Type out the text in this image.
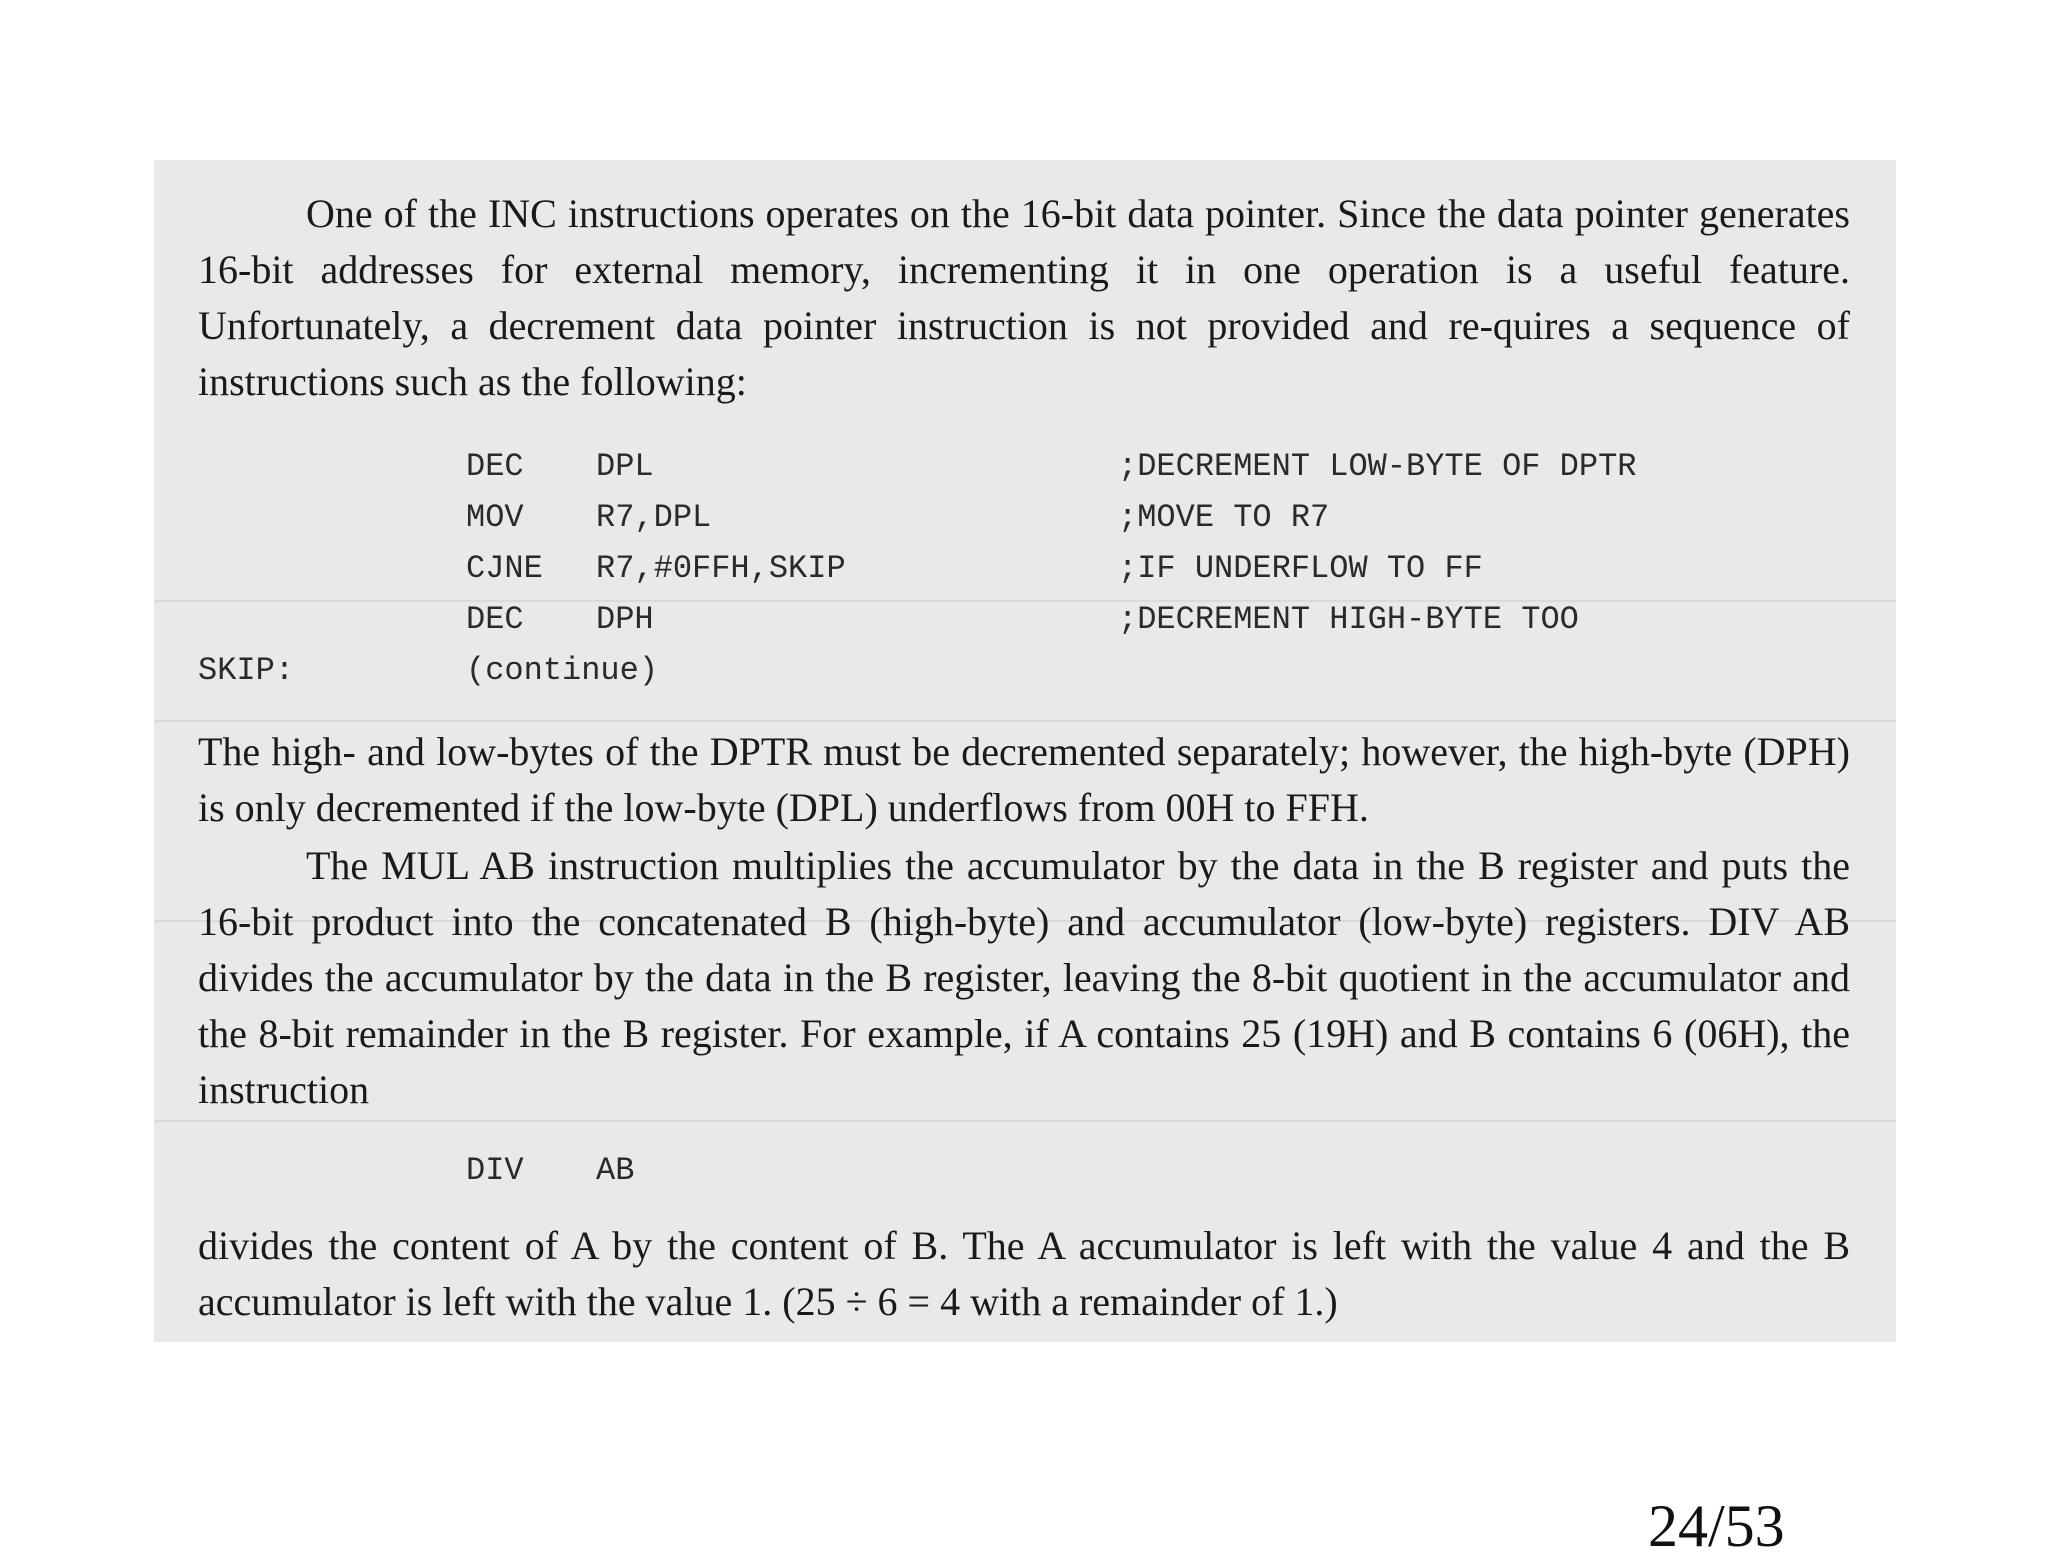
One of the INC instructions operates on the 16-bit data pointer. Since the data pointer generates 16-bit addresses for external memory, incrementing it in one operation is a useful feature. Unfortunately, a decrement data pointer instruction is not provided and re-quires a sequence of instructions such as the following:
DEC DPL	;DECREMENT LOW-BYTE OF DPTR
MOV R7,DPL	;MOVE TO R7
CJNE R7,#0FFH,SKIP	;IF UNDERFLOW TO FF
DEC DPH	;DECREMENT HIGH-BYTE TOO
SKIP:	(continue)
The high- and low-bytes of the DPTR must be decremented separately; however, the high-byte (DPH) is only decremented if the low-byte (DPL) underflows from 00H to FFH.
The MUL AB instruction multiplies the accumulator by the data in the B register and puts the 16-bit product into the concatenated B (high-byte) and accumulator (low-byte) registers. DIV AB divides the accumulator by the data in the B register, leaving the 8-bit quotient in the accumulator and the 8-bit remainder in the B register. For example, if A contains 25 (19H) and B contains 6 (06H), the instruction
DIV AB
divides the content of A by the content of B. The A accumulator is left with the value 4 and the B accumulator is left with the value 1. (25 ÷ 6 = 4 with a remainder of 1.)
24/53
